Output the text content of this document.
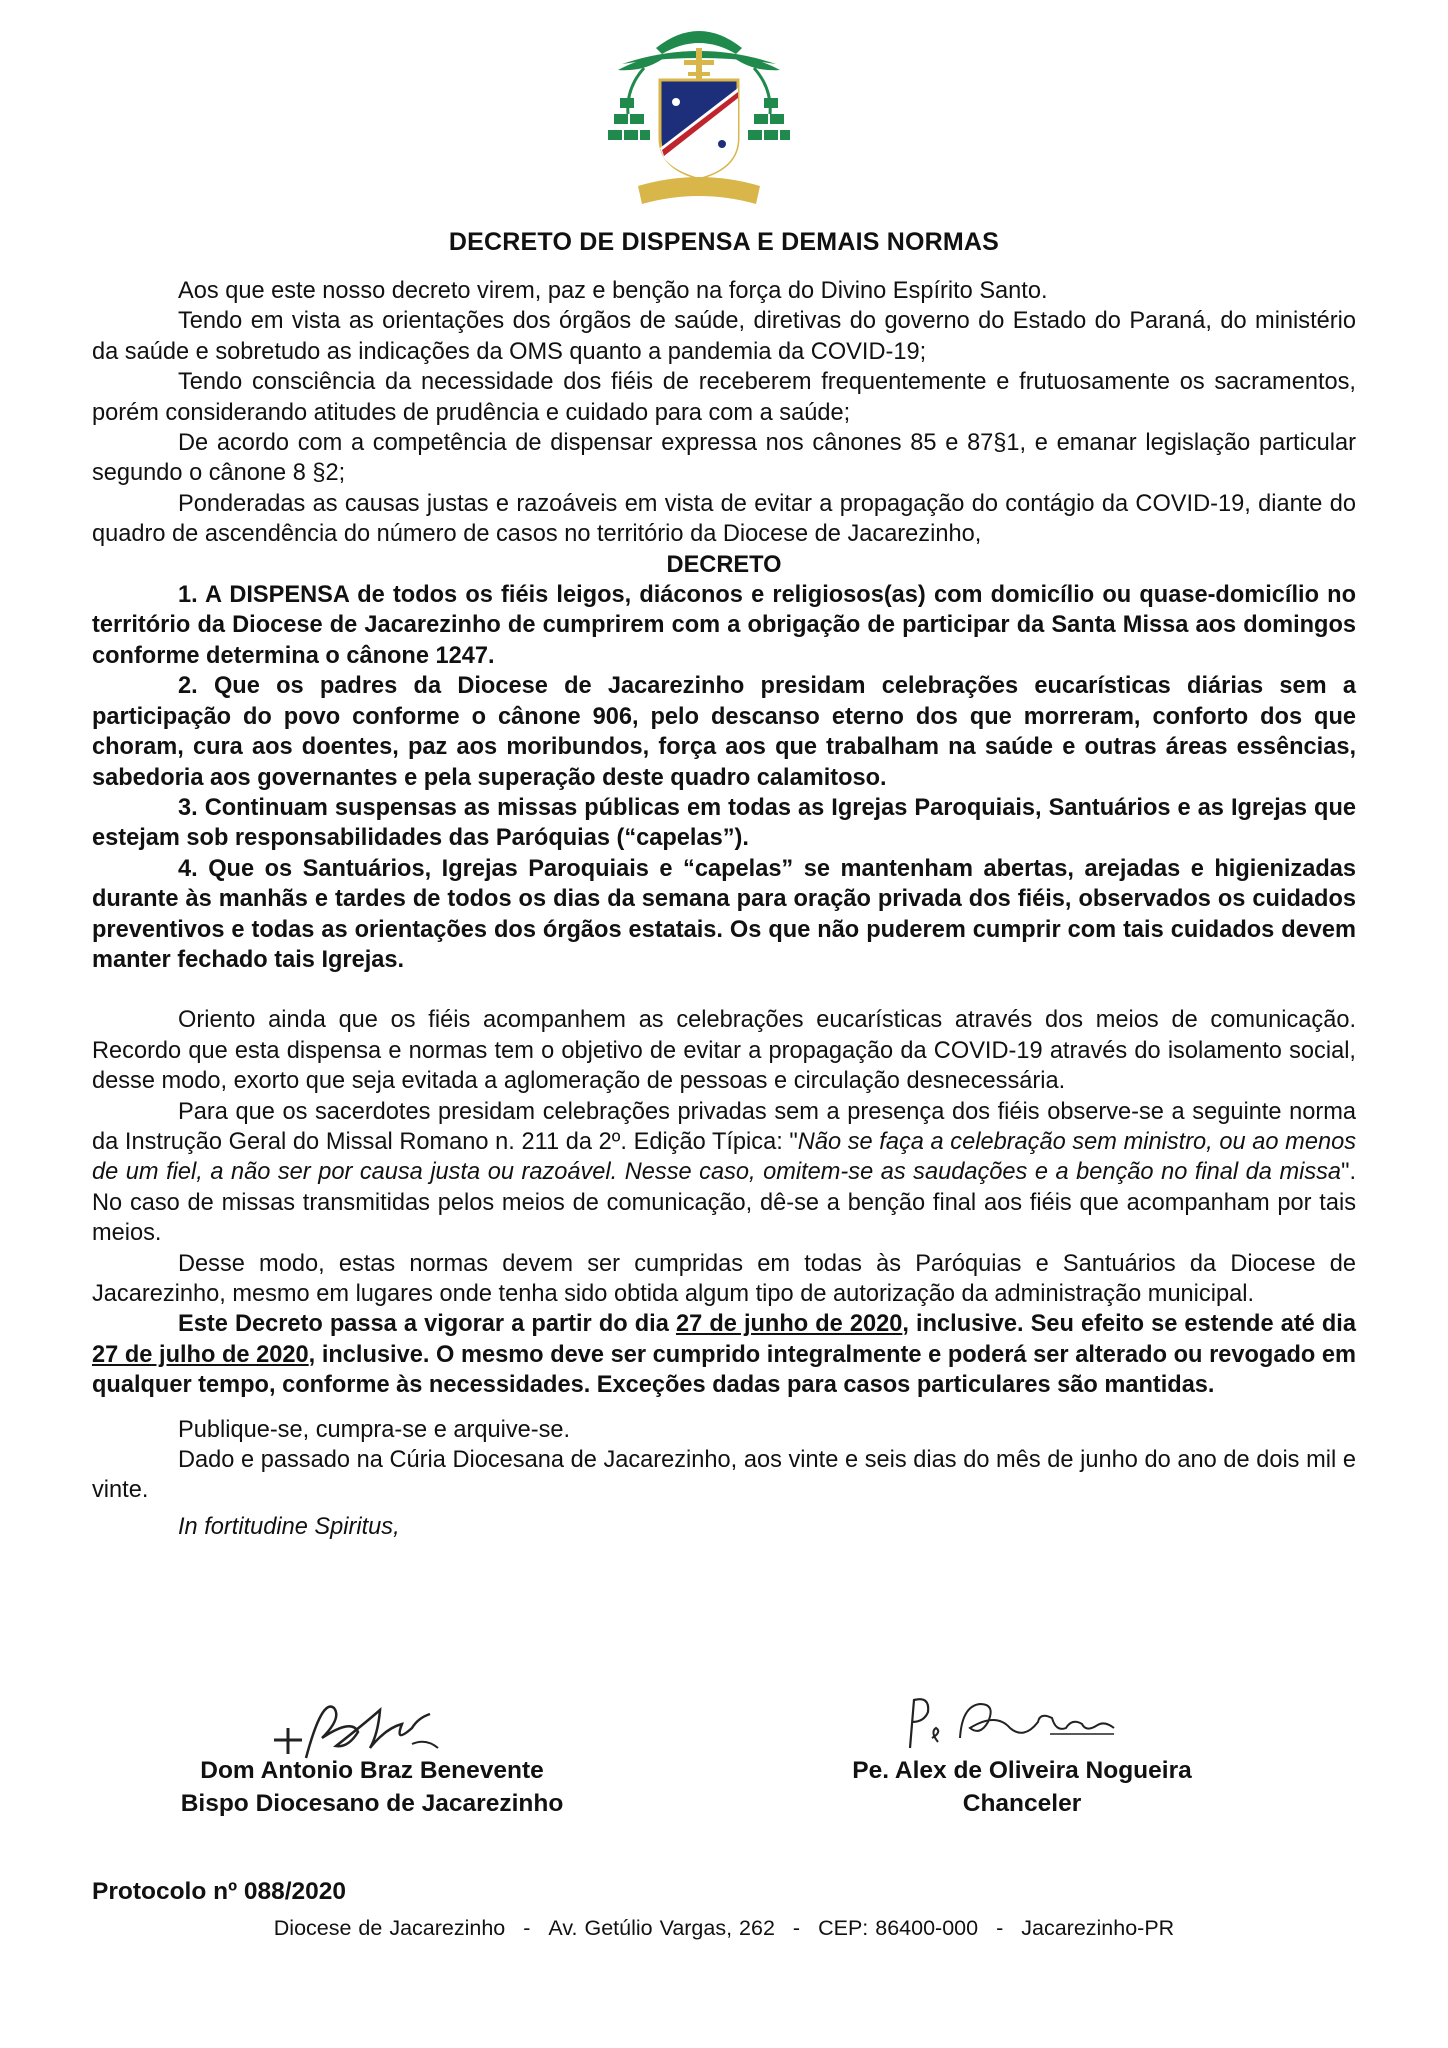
DECRETO DE DISPENSA E DEMAIS NORMAS

Aos que este nosso decreto virem, paz e benção na força do Divino Espírito Santo.

Tendo em vista as orientações dos órgãos de saúde, diretivas do governo do Estado do Paraná, do ministério da saúde e sobretudo as indicações da OMS quanto a pandemia da COVID-19;

Tendo consciência da necessidade dos fiéis de receberem frequentemente e frutuosamente os sacramentos, porém considerando atitudes de prudência e cuidado para com a saúde;

De acordo com a competência de dispensar expressa nos cânones 85 e 87§1, e emanar legislação particular segundo o cânone 8 §2;

Ponderadas as causas justas e razoáveis em vista de evitar a propagação do contágio da COVID-19, diante do quadro de ascendência do número de casos no território da Diocese de Jacarezinho,

DECRETO

1. A DISPENSA de todos os fiéis leigos, diáconos e religiosos(as) com domicílio ou quase-domicílio no território da Diocese de Jacarezinho de cumprirem com a obrigação de participar da Santa Missa aos domingos conforme determina o cânone 1247.

2. Que os padres da Diocese de Jacarezinho presidam celebrações eucarísticas diárias sem a participação do povo conforme o cânone 906, pelo descanso eterno dos que morreram, conforto dos que choram, cura aos doentes, paz aos moribundos, força aos que trabalham na saúde e outras áreas essências, sabedoria aos governantes e pela superação deste quadro calamitoso.

3. Continuam suspensas as missas públicas em todas as Igrejas Paroquiais, Santuários e as Igrejas que estejam sob responsabilidades das Paróquias (“capelas”).

4. Que os Santuários, Igrejas Paroquiais e “capelas” se mantenham abertas, arejadas e higienizadas durante às manhãs e tardes de todos os dias da semana para oração privada dos fiéis, observados os cuidados preventivos e todas as orientações dos órgãos estatais. Os que não puderem cumprir com tais cuidados devem manter fechado tais Igrejas.

Oriento ainda que os fiéis acompanhem as celebrações eucarísticas através dos meios de comunicação. Recordo que esta dispensa e normas tem o objetivo de evitar a propagação da COVID-19 através do isolamento social, desse modo, exorto que seja evitada a aglomeração de pessoas e circulação desnecessária.

Para que os sacerdotes presidam celebrações privadas sem a presença dos fiéis observe-se a seguinte norma da Instrução Geral do Missal Romano n. 211 da 2º. Edição Típica: "Não se faça a celebração sem ministro, ou ao menos de um fiel, a não ser por causa justa ou razoável. Nesse caso, omitem-se as saudações e a benção no final da missa". No caso de missas transmitidas pelos meios de comunicação, dê-se a benção final aos fiéis que acompanham por tais meios.

Desse modo, estas normas devem ser cumpridas em todas às Paróquias e Santuários da Diocese de Jacarezinho, mesmo em lugares onde tenha sido obtida algum tipo de autorização da administração municipal.

Este Decreto passa a vigorar a partir do dia 27 de junho de 2020, inclusive. Seu efeito se estende até dia 27 de julho de 2020, inclusive. O mesmo deve ser cumprido integralmente e poderá ser alterado ou revogado em qualquer tempo, conforme às necessidades. Exceções dadas para casos particulares são mantidas.

Publique-se, cumpra-se e arquive-se.

Dado e passado na Cúria Diocesana de Jacarezinho, aos vinte e seis dias do mês de junho do ano de dois mil e vinte.

In fortitudine Spiritus,

Dom Antonio Braz Benevente
Bispo Diocesano de Jacarezinho
Pe. Alex de Oliveira Nogueira
Chanceler
Protocolo nº 088/2020
Diocese de Jacarezinho - Av. Getúlio Vargas, 262 - CEP: 86400-000 - Jacarezinho-PR
